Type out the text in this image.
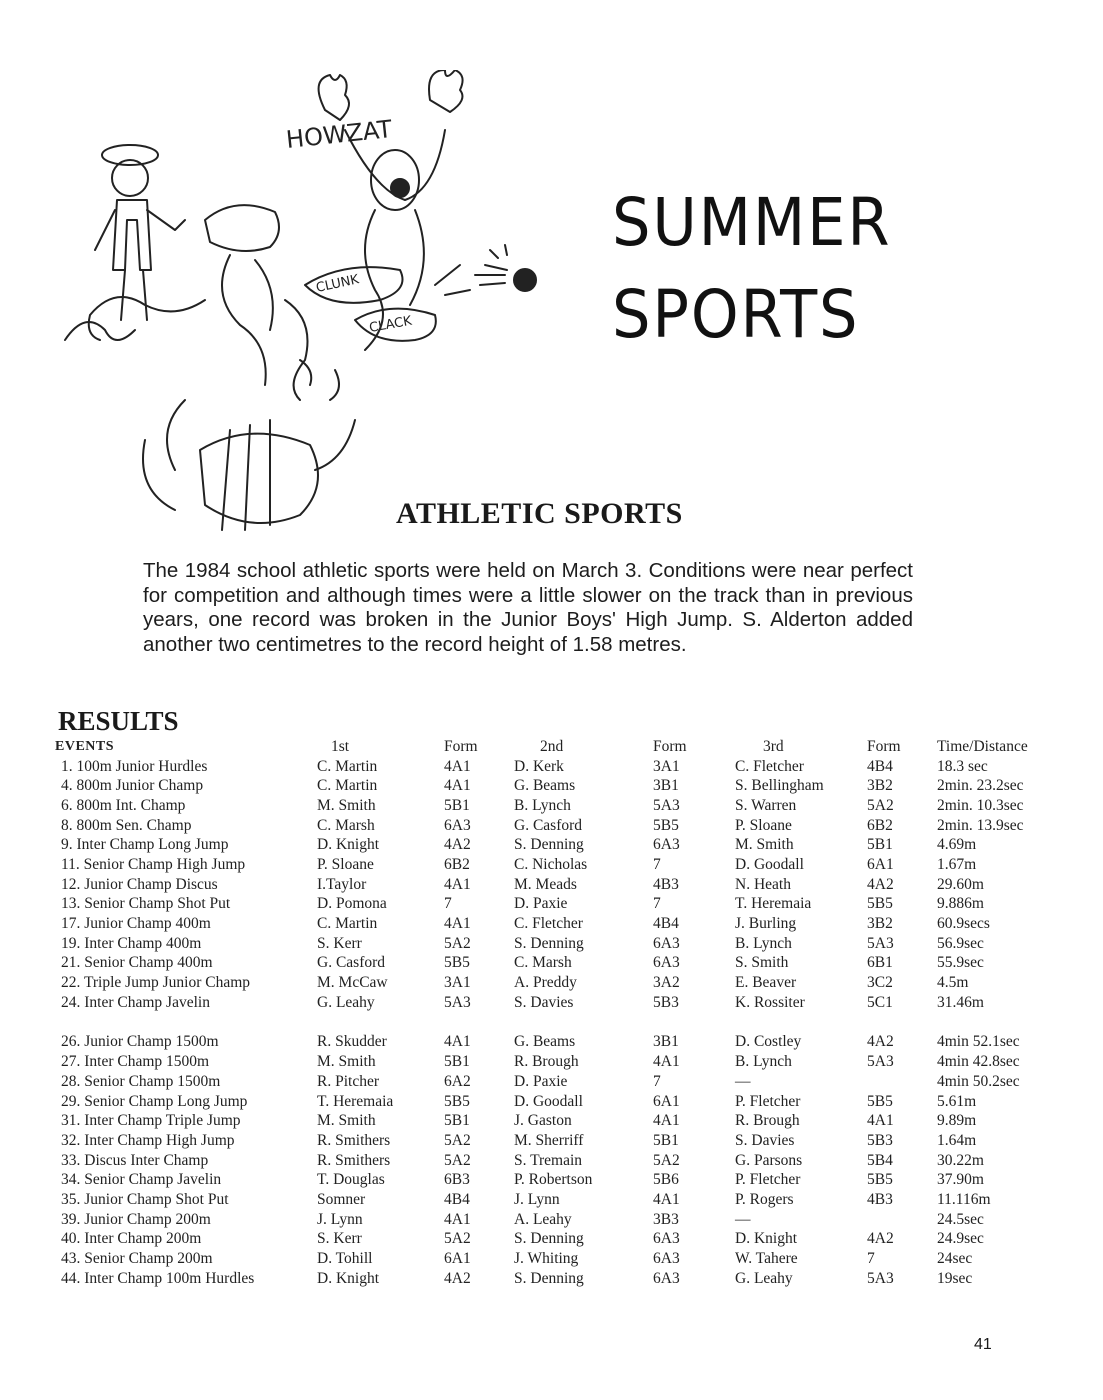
HOWZAT
CLUNK
CLACK
SUMMER
SPORTS
ATHLETIC SPORTS
The 1984 school athletic sports were held on March 3. Conditions were near perfect for competition and although times were a little slower on the track than in previous years, one record was broken in the Junior Boys' High Jump. S. Alderton added another two centimetres to the record height of 1.58 metres.
RESULTS
EVENTS	1st	Form	2nd	Form	3rd	Form	Time/Distance
1. 100m Junior Hurdles	C. Martin	4A1	D. Kerk	3A1	C. Fletcher	4B4	18.3 sec
4. 800m Junior Champ	C. Martin	4A1	G. Beams	3B1	S. Bellingham	3B2	2min. 23.2sec
6. 800m Int. Champ	M. Smith	5B1	B. Lynch	5A3	S. Warren	5A2	2min. 10.3sec
8. 800m Sen. Champ	C. Marsh	6A3	G. Casford	5B5	P. Sloane	6B2	2min. 13.9sec
9. Inter Champ Long Jump	D. Knight	4A2	S. Denning	6A3	M. Smith	5B1	4.69m
11. Senior Champ High Jump	P. Sloane	6B2	C. Nicholas	7	D. Goodall	6A1	1.67m
12. Junior Champ Discus	I.Taylor	4A1	M. Meads	4B3	N. Heath	4A2	29.60m
13. Senior Champ Shot Put	D. Pomona	7	D. Paxie	7	T. Heremaia	5B5	9.886m
17. Junior Champ 400m	C. Martin	4A1	C. Fletcher	4B4	J. Burling	3B2	60.9secs
19. Inter Champ 400m	S. Kerr	5A2	S. Denning	6A3	B. Lynch	5A3	56.9sec
21. Senior Champ 400m	G. Casford	5B5	C. Marsh	6A3	S. Smith	6B1	55.9sec
22. Triple Jump Junior Champ	M. McCaw	3A1	A. Preddy	3A2	E. Beaver	3C2	4.5m
24. Inter Champ Javelin	G. Leahy	5A3	S. Davies	5B3	K. Rossiter	5C1	31.46m

26. Junior Champ 1500m	R. Skudder	4A1	G. Beams	3B1	D. Costley	4A2	4min 52.1sec
27. Inter Champ 1500m	M. Smith	5B1	R. Brough	4A1	B. Lynch	5A3	4min 42.8sec
28. Senior Champ 1500m	R. Pitcher	6A2	D. Paxie	7	—		4min 50.2sec
29. Senior Champ Long Jump	T. Heremaia	5B5	D. Goodall	6A1	P. Fletcher	5B5	5.61m
31. Inter Champ Triple Jump	M. Smith	5B1	J. Gaston	4A1	R. Brough	4A1	9.89m
32. Inter Champ High Jump	R. Smithers	5A2	M. Sherriff	5B1	S. Davies	5B3	1.64m
33. Discus Inter Champ	R. Smithers	5A2	S. Tremain	5A2	G. Parsons	5B4	30.22m
34. Senior Champ Javelin	T. Douglas	6B3	P. Robertson	5B6	P. Fletcher	5B5	37.90m
35. Junior Champ Shot Put	Somner	4B4	J. Lynn	4A1	P. Rogers	4B3	11.116m
39. Junior Champ 200m	J. Lynn	4A1	A. Leahy	3B3	—		24.5sec
40. Inter Champ 200m	S. Kerr	5A2	S. Denning	6A3	D. Knight	4A2	24.9sec
43. Senior Champ 200m	D. Tohill	6A1	J. Whiting	6A3	W. Tahere	7	24sec
44. Inter Champ 100m Hurdles	D. Knight	4A2	S. Denning	6A3	G. Leahy	5A3	19sec
41
